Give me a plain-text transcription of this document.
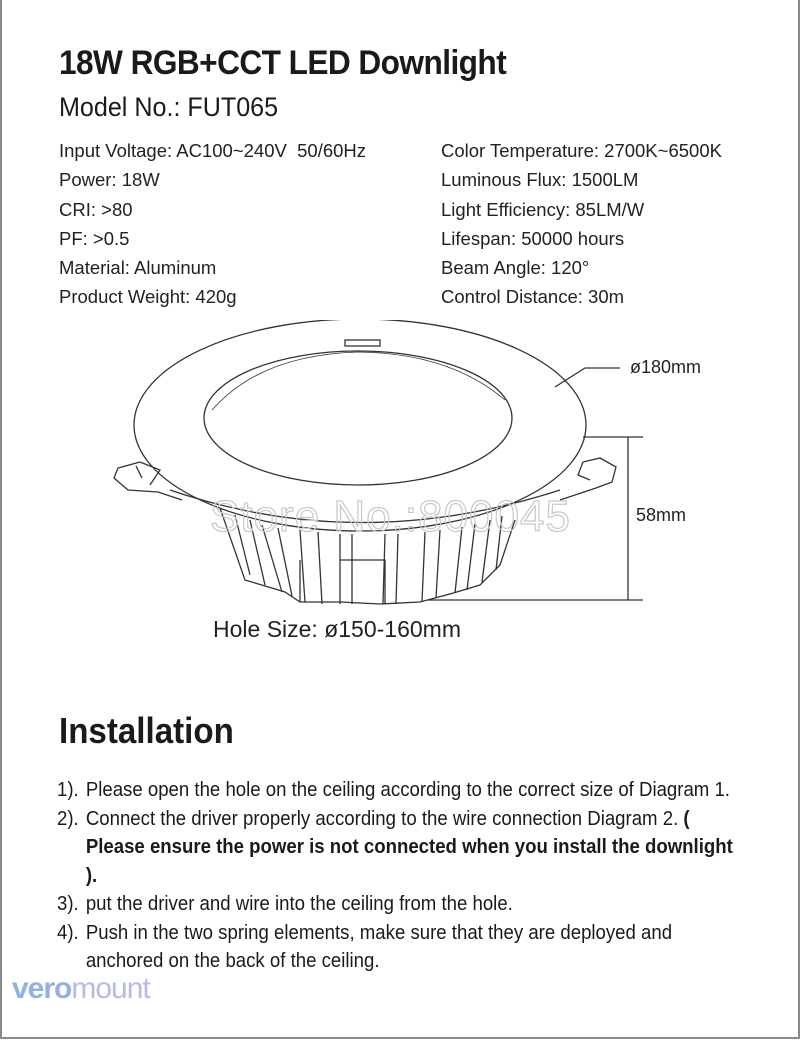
18W RGB+CCT LED Downlight
Model No.: FUT065
Input Voltage: AC100~240V  50/60Hz
Power: 18W
CRI: >80
PF: >0.5
Material: Aluminum
Product Weight: 420g
Color Temperature: 2700K~6500K
Luminous Flux: 1500LM
Light Efficiency: 85LM/W
Lifespan: 50000 hours
Beam Angle: 120°
Control Distance: 30m
Store No.:800045
ø180mm
58mm
Hole Size: ø150-160mm
Installation
1). Please open the hole on the ceiling according to the correct size of Diagram 1.
2). Connect the driver properly according to the wire connection Diagram 2. ( Please ensure the power is not connected when you install the downlight ).
3). put the driver and wire into the ceiling from the hole.
4). Push in the two spring elements, make sure that they are deployed and anchored on the back of the ceiling.
veromount
